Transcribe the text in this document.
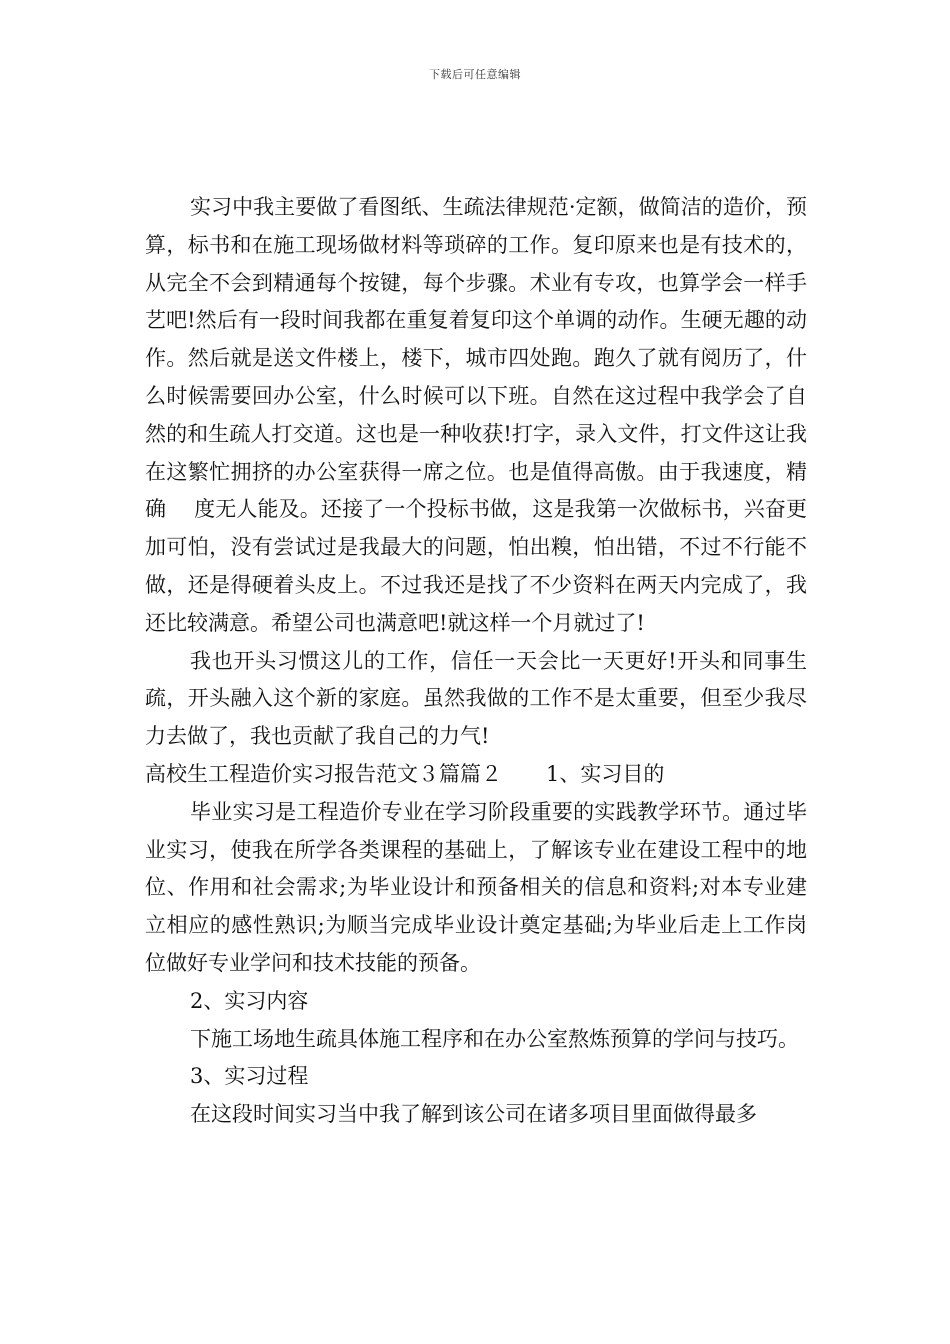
下载后可任意编辑

实习中我主要做了看图纸、生疏法律规范·定额，做简洁的造价，预算，标书和在施工现场做材料等琐碎的工作。复印原来也是有技术的，从完全不会到精通每个按键，每个步骤。术业有专攻，也算学会一样手艺吧!然后有一段时间我都在重复着复印这个单调的动作。生硬无趣的动作。然后就是送文件楼上，楼下，城市四处跑。跑久了就有阅历了，什么时候需要回办公室，什么时候可以下班。自然在这过程中我学会了自然的和生疏人打交道。这也是一种收获!打字，录入文件，打文件这让我在这繁忙拥挤的办公室获得一席之位。也是值得高傲。由于我速度，精确　 度无人能及。还接了一个投标书做，这是我第一次做标书，兴奋更加可怕，没有尝试过是我最大的问题，怕出糗，怕出错，不过不行能不做，还是得硬着头皮上。不过我还是找了不少资料在两天内完成了，我还比较满意。希望公司也满意吧!就这样一个月就过了!

我也开头习惯这儿的工作，信任一天会比一天更好!开头和同事生疏，开头融入这个新的家庭。虽然我做的工作不是太重要，但至少我尽力去做了，我也贡献了我自己的力气!

高校生工程造价实习报告范文３篇篇２ 1、实习目的

毕业实习是工程造价专业在学习阶段重要的实践教学环节。通过毕业实习，使我在所学各类课程的基础上，了解该专业在建设工程中的地位、作用和社会需求;为毕业设计和预备相关的信息和资料;对本专业建立相应的感性熟识;为顺当完成毕业设计奠定基础;为毕业后走上工作岗位做好专业学问和技术技能的预备。

2、实习内容

下施工场地生疏具体施工程序和在办公室熬炼预算的学问与技巧。

3、实习过程

在这段时间实习当中我了解到该公司在诸多项目里面做得最多
